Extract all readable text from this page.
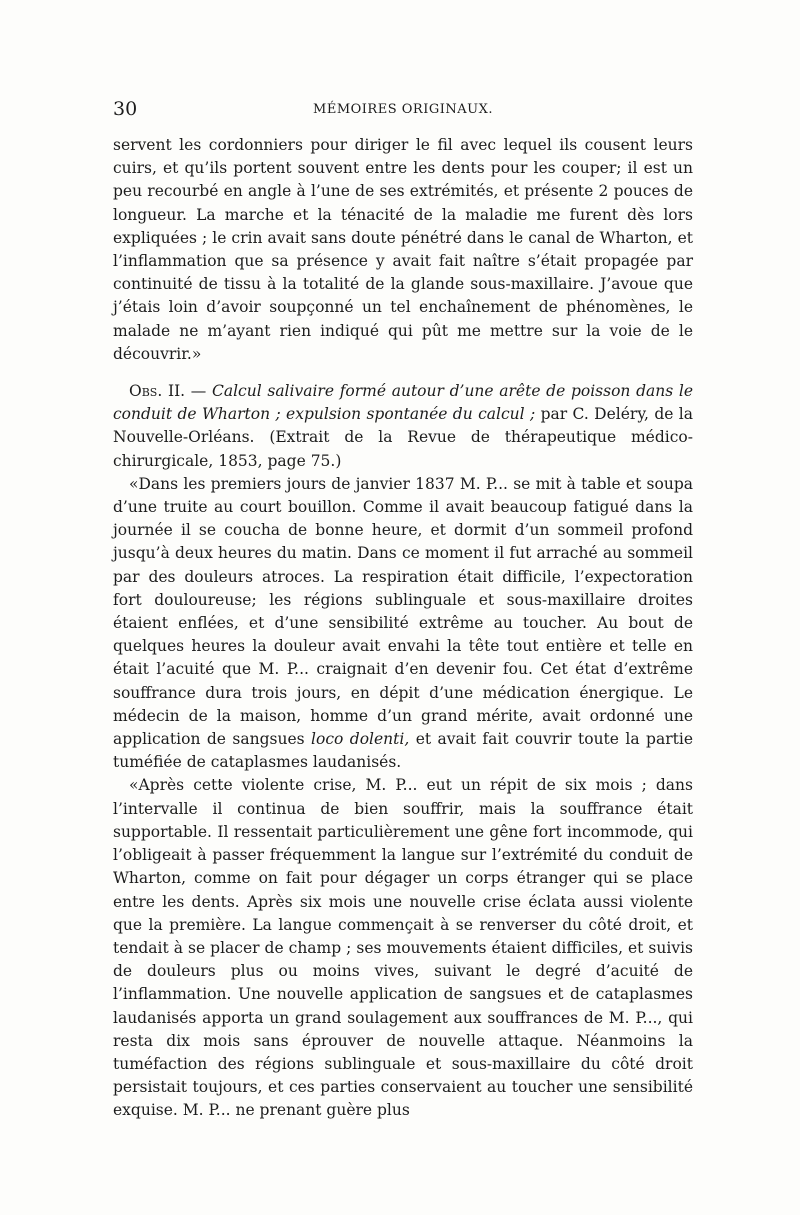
30	MÉMOIRES ORIGINAUX.

servent les cordonniers pour diriger le fil avec lequel ils cousent leurs cuirs, et qu’ils portent souvent entre les dents pour les couper; il est un peu recourbé en angle à l’une de ses extrémités, et présente 2 pouces de longueur. La marche et la ténacité de la maladie me furent dès lors expliquées ; le crin avait sans doute pénétré dans le canal de Wharton, et l’inflammation que sa présence y avait fait naître s’était propagée par continuité de tissu à la totalité de la glande sous-maxillaire. J’avoue que j’étais loin d’avoir soupçonné un tel enchaînement de phénomènes, le malade ne m’ayant rien indiqué qui pût me mettre sur la voie de le découvrir.»

Obs. II. — Calcul salivaire formé autour d’une arête de poisson dans le conduit de Wharton ; expulsion spontanée du calcul ; par C. Deléry, de la Nouvelle-Orléans. (Extrait de la Revue de thérapeutique médico-chirurgicale, 1853, page 75.)

«Dans les premiers jours de janvier 1837 M. P... se mit à table et soupa d’une truite au court bouillon. Comme il avait beaucoup fatigué dans la journée il se coucha de bonne heure, et dormit d’un sommeil profond jusqu’à deux heures du matin. Dans ce moment il fut arraché au sommeil par des douleurs atroces. La respiration était difficile, l’expectoration fort douloureuse; les régions sublinguale et sous-maxillaire droites étaient enflées, et d’une sensibilité extrême au toucher. Au bout de quelques heures la douleur avait envahi la tête tout entière et telle en était l’acuité que M. P... craignait d’en devenir fou. Cet état d’extrême souffrance dura trois jours, en dépit d’une médication énergique. Le médecin de la maison, homme d’un grand mérite, avait ordonné une application de sangsues loco dolenti, et avait fait couvrir toute la partie tuméfiée de cataplasmes laudanisés.

«Après cette violente crise, M. P... eut un répit de six mois ; dans l’intervalle il continua de bien souffrir, mais la souffrance était supportable. Il ressentait particulièrement une gêne fort incommode, qui l’obligeait à passer fréquemment la langue sur l’extrémité du conduit de Wharton, comme on fait pour dégager un corps étranger qui se place entre les dents. Après six mois une nouvelle crise éclata aussi violente que la première. La langue commençait à se renverser du côté droit, et tendait à se placer de champ ; ses mouvements étaient difficiles, et suivis de douleurs plus ou moins vives, suivant le degré d’acuité de l’inflammation. Une nouvelle application de sangsues et de cataplasmes laudanisés apporta un grand soulagement aux souffrances de M. P..., qui resta dix mois sans éprouver de nouvelle attaque. Néanmoins la tuméfaction des régions sublinguale et sous-maxillaire du côté droit persistait toujours, et ces parties conservaient au toucher une sensibilité exquise. M. P... ne prenant guère plus
